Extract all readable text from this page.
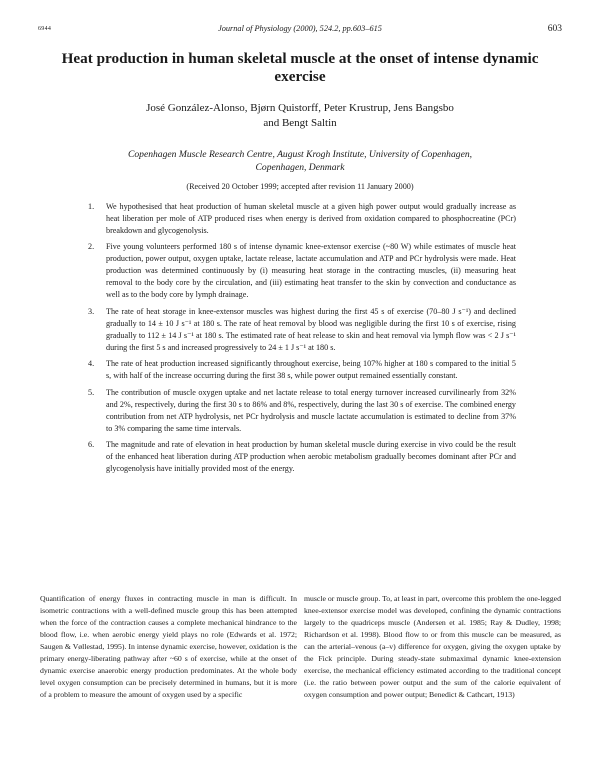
6944	Journal of Physiology (2000), 524.2, pp.603–615	603
Heat production in human skeletal muscle at the onset of intense dynamic exercise
José González-Alonso, Bjørn Quistorff, Peter Krustrup, Jens Bangsbo
and Bengt Saltin
Copenhagen Muscle Research Centre, August Krogh Institute, University of Copenhagen,
Copenhagen, Denmark
(Received 20 October 1999; accepted after revision 11 January 2000)
1. We hypothesised that heat production of human skeletal muscle at a given high power output would gradually increase as heat liberation per mole of ATP produced rises when energy is derived from oxidation compared to phosphocreatine (PCr) breakdown and glycogenolysis.
2. Five young volunteers performed 180 s of intense dynamic knee-extensor exercise (~80 W) while estimates of muscle heat production, power output, oxygen uptake, lactate release, lactate accumulation and ATP and PCr hydrolysis were made. Heat production was determined continuously by (i) measuring heat storage in the contracting muscles, (ii) measuring heat removal to the body core by the circulation, and (iii) estimating heat transfer to the skin by convection and conductance as well as to the body core by lymph drainage.
3. The rate of heat storage in knee-extensor muscles was highest during the first 45 s of exercise (70–80 J s⁻¹) and declined gradually to 14 ± 10 J s⁻¹ at 180 s. The rate of heat removal by blood was negligible during the first 10 s of exercise, rising gradually to 112 ± 14 J s⁻¹ at 180 s. The estimated rate of heat release to skin and heat removal via lymph flow was < 2 J s⁻¹ during the first 5 s and increased progressively to 24 ± 1 J s⁻¹ at 180 s.
4. The rate of heat production increased significantly throughout exercise, being 107% higher at 180 s compared to the initial 5 s, with half of the increase occurring during the first 38 s, while power output remained essentially constant.
5. The contribution of muscle oxygen uptake and net lactate release to total energy turnover increased curvilinearly from 32% and 2%, respectively, during the first 30 s to 86% and 8%, respectively, during the last 30 s of exercise. The combined energy contribution from net ATP hydrolysis, net PCr hydrolysis and muscle lactate accumulation is estimated to decline from 37% to 3% comparing the same time intervals.
6. The magnitude and rate of elevation in heat production by human skeletal muscle during exercise in vivo could be the result of the enhanced heat liberation during ATP production when aerobic metabolism gradually becomes dominant after PCr and glycogenolysis have initially provided most of the energy.

Quantification of energy fluxes in contracting muscle in man is difficult. In isometric contractions with a well-defined muscle group this has been attempted when the force of the contraction causes a complete mechanical hindrance to the blood flow, i.e. when aerobic energy yield plays no role (Edwards et al. 1972; Saugen & Vøllestad, 1995). In intense dynamic exercise, however, oxidation is the primary energy-liberating pathway after ~60 s of exercise, while at the onset of dynamic exercise anaerobic energy production predominates. At the whole body level oxygen consumption can be precisely determined in humans, but it is more of a problem to measure the amount of oxygen used by a specific

muscle or muscle group. To, at least in part, overcome this problem the one-legged knee-extensor exercise model was developed, confining the dynamic contractions largely to the quadriceps muscle (Andersen et al. 1985; Ray & Dudley, 1998; Richardson et al. 1998). Blood flow to or from this muscle can be measured, as can the arterial–venous (a–v) difference for oxygen, giving the oxygen uptake by the Fick principle. During steady-state submaximal dynamic knee-extension exercise, the mechanical efficiency estimated according to the traditional concept (i.e. the ratio between power output and the sum of the calorie equivalent of oxygen consumption and power output; Benedict & Cathcart, 1913)
